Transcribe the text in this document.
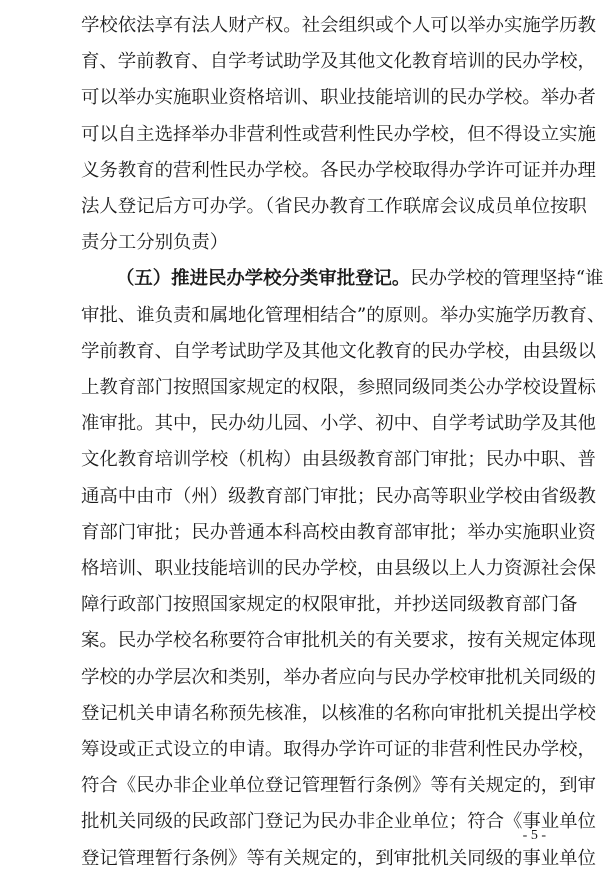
学校依法享有法人财产权。社会组织或个人可以举办实施学历教
育、学前教育、自学考试助学及其他文化教育培训的民办学校，
可以举办实施职业资格培训、职业技能培训的民办学校。举办者
可以自主选择举办非营利性或营利性民办学校，但不得设立实施
义务教育的营利性民办学校。各民办学校取得办学许可证并办理
法人登记后方可办学。（省民办教育工作联席会议成员单位按职
责分工分别负责）
（五）推进民办学校分类审批登记。民办学校的管理坚持“谁
审批、谁负责和属地化管理相结合”的原则。举办实施学历教育、
学前教育、自学考试助学及其他文化教育的民办学校，由县级以
上教育部门按照国家规定的权限，参照同级同类公办学校设置标
准审批。其中，民办幼儿园、小学、初中、自学考试助学及其他
文化教育培训学校（机构）由县级教育部门审批；民办中职、普
通高中由市（州）级教育部门审批；民办高等职业学校由省级教
育部门审批；民办普通本科高校由教育部审批；举办实施职业资
格培训、职业技能培训的民办学校，由县级以上人力资源社会保
障行政部门按照国家规定的权限审批，并抄送同级教育部门备
案。民办学校名称要符合审批机关的有关要求，按有关规定体现
学校的办学层次和类别，举办者应向与民办学校审批机关同级的
登记机关申请名称预先核准，以核准的名称向审批机关提出学校
筹设或正式设立的申请。取得办学许可证的非营利性民办学校，
符合《民办非企业单位登记管理暂行条例》等有关规定的，到审
批机关同级的民政部门登记为民办非企业单位；符合《事业单位
登记管理暂行条例》等有关规定的，到审批机关同级的事业单位
- 5 -
